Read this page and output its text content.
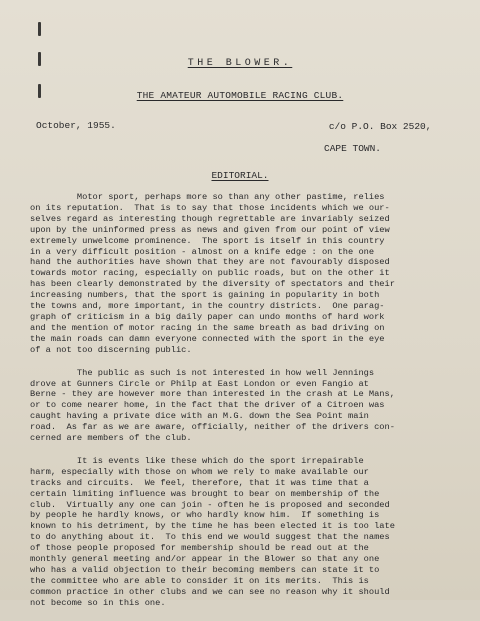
THE BLOWER.
THE AMATEUR AUTOMOBILE RACING CLUB.

c/o P.O. Box 2520,

CAPE TOWN.

October, 1955.
EDITORIAL.
Motor sport, perhaps more so than any other pastime, relies
on its reputation.  That is to say that those incidents which we our-
selves regard as interesting though regrettable are invariably seized
upon by the uninformed press as news and given from our point of view
extremely unwelcome prominence.  The sport is itself in this country
in a very difficult position - almost on a knife edge : on the one
hand the authorities have shown that they are not favourably disposed
towards motor racing, especially on public roads, but on the other it
has been clearly demonstrated by the diversity of spectators and their
increasing numbers, that the sport is gaining in popularity in both
the towns and, more important, in the country districts.  One parag-
graph of criticism in a big daily paper can undo months of hard work
and the mention of motor racing in the same breath as bad driving on
the main roads can damn everyone connected with the sport in the eye
of a not too discerning public.
The public as such is not interested in how well Jennings
drove at Gunners Circle or Philp at East London or even Fangio at
Berne - they are however more than interested in the crash at Le Mans,
or to come nearer home, in the fact that the driver of a Citroen was
caught having a private dice with an M.G. down the Sea Point main
road.  As far as we are aware, officially, neither of the drivers con-
cerned are members of the club.
It is events like these which do the sport irrepairable
harm, especially with those on whom we rely to make available our
tracks and circuits.  We feel, therefore, that it was time that a
certain limiting influence was brought to bear on membership of the
club.  Virtually any one can join - often he is proposed and seconded
by people he hardly knows, or who hardly know him.  If something is
known to his detriment, by the time he has been elected it is too late
to do anything about it.  To this end we would suggest that the names
of those people proposed for membership should be read out at the
monthly general meeting and/or appear in the Blower so that any one
who has a valid objection to their becoming members can state it to
the committee who are able to consider it on its merits.  This is
common practice in other clubs and we can see no reason why it should
not become so in this one.
